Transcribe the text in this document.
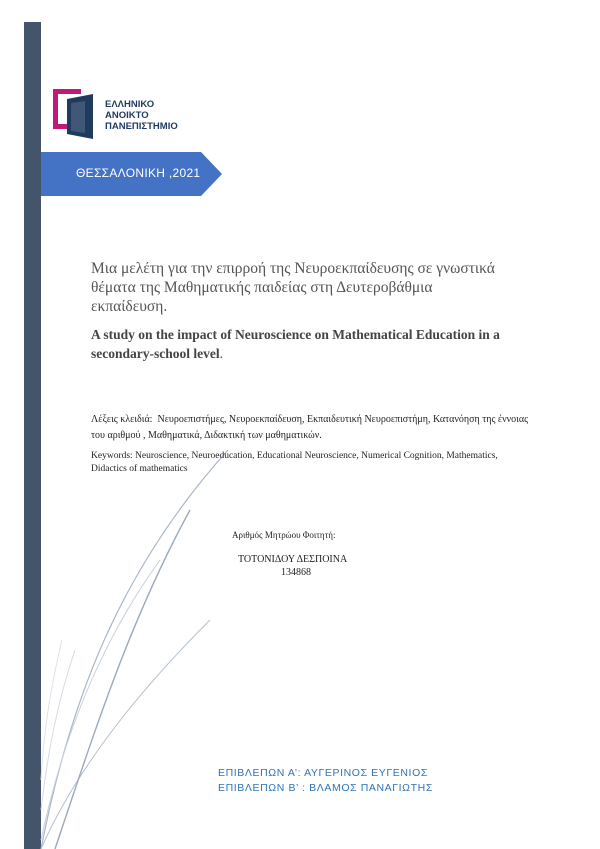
ΕΛΛΗΝΙΚΟ
ΑΝΟΙΚΤΟ
ΠΑΝΕΠΙΣΤΗΜΙΟ
ΘΕΣΣΑΛΟΝΙΚΗ ,2021
Μια μελέτη για την επιρροή της Νευροεκπαίδευσης σε γνωστικά θέματα της Μαθηματικής παιδείας στη Δευτεροβάθμια εκπαίδευση.
A study on the impact of Neuroscience on Mathematical Education in a secondary-school level.
Λέξεις κλειδιά: Νευροεπιστήμες, Νευροεκπαίδευση, Εκπαιδευτική Νευροεπιστήμη, Κατανόηση της έννοιας του αριθμού , Μαθηματικά, Διδακτική των μαθηματικών.
Keywords: Neuroscience, Neuroeducation, Educational Neuroscience, Numerical Cognition, Mathematics, Didactics of mathematics
Αριθμός Μητρώου Φοιτητή:
ΤΟΤΟΝΙΔΟΥ ΔΕΣΠΟΙΝΑ
134868
ΕΠΙΒΛΕΠΩΝ Α’: ΑΥΓΕΡΙΝΟΣ ΕΥΓΕΝΙΟΣ
ΕΠΙΒΛΕΠΩΝ Β’ : ΒΛΑΜΟΣ ΠΑΝΑΓΙΩΤΗΣ
